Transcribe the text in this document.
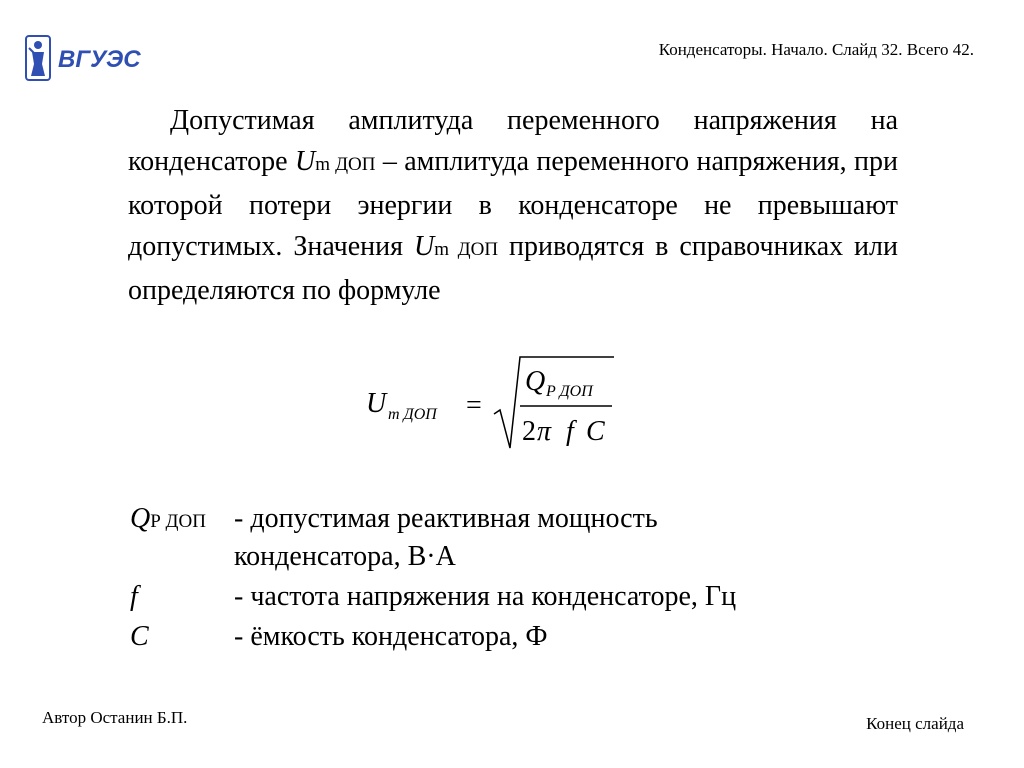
ВГУЭС	Конденсаторы. Начало. Слайд 32. Всего 42.
Допустимая амплитуда переменного напряжения на конденсаторе Um ДОП – амплитуда переменного напряжения, при которой потери энергии в конденсаторе не превышают допустимых. Значения Um ДОП приводятся в справочниках или определяются по формуле
U m ДОП =
Q P ДОП
2 π f C
QР ДОП - допустимая реактивная мощность
конденсатора, В·А
f	- частота напряжения на конденсаторе, Гц
C	- ёмкость конденсатора, Ф
Автор Останин Б.П.	Конец слайда
